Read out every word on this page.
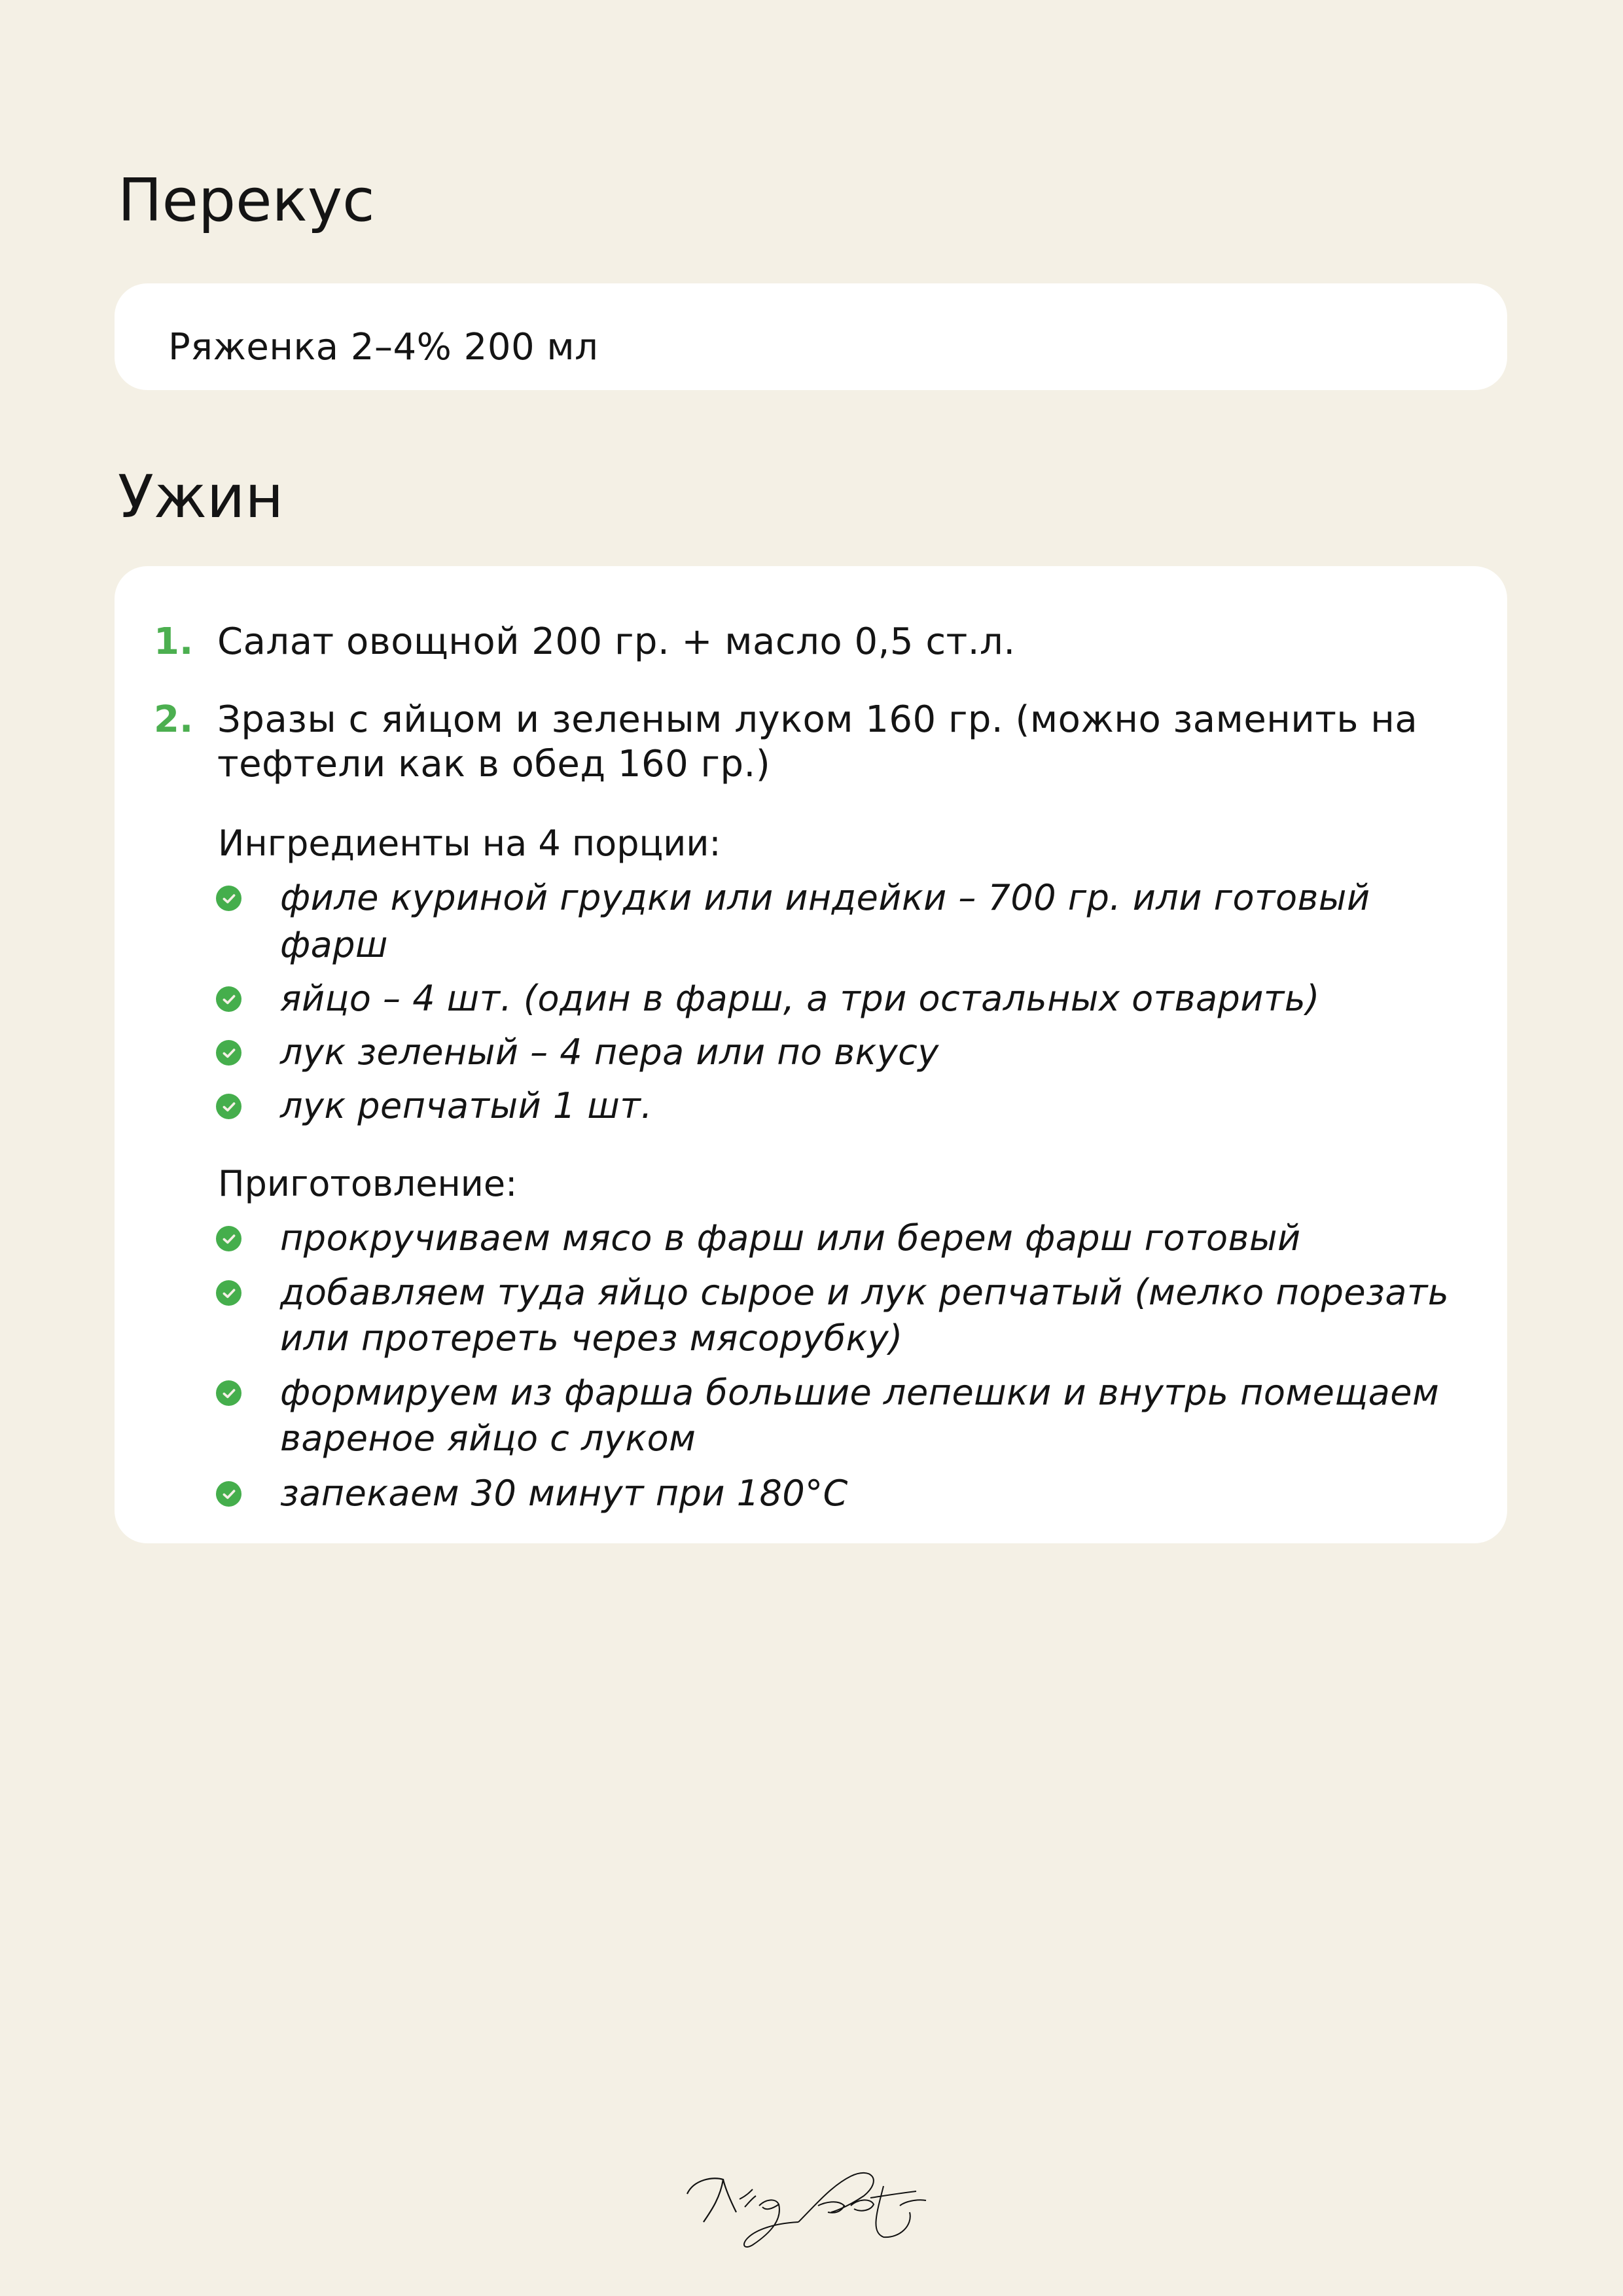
Перекус
Ряженка 2–4% 200 мл
Ужин
1. Салат овощной 200 гр. + масло 0,5 ст.л.
2. Зразы с яйцом и зеленым луком 160 гр. (можно заменить на
тефтели как в обед 160 гр.)
Ингредиенты на 4 порции:
филе куриной грудки или индейки – 700 гр. или готовый
фарш
яйцо – 4 шт. (один в фарш, а три остальных отварить)
лук зеленый – 4 пера или по вкусу
лук репчатый 1 шт.
Приготовление:
прокручиваем мясо в фарш или берем фарш готовый
добавляем туда яйцо сырое и лук репчатый (мелко порезать
или протереть через мясорубку)
формируем из фарша большие лепешки и внутрь помещаем
вареное яйцо с луком
запекаем 30 минут при 180°C
